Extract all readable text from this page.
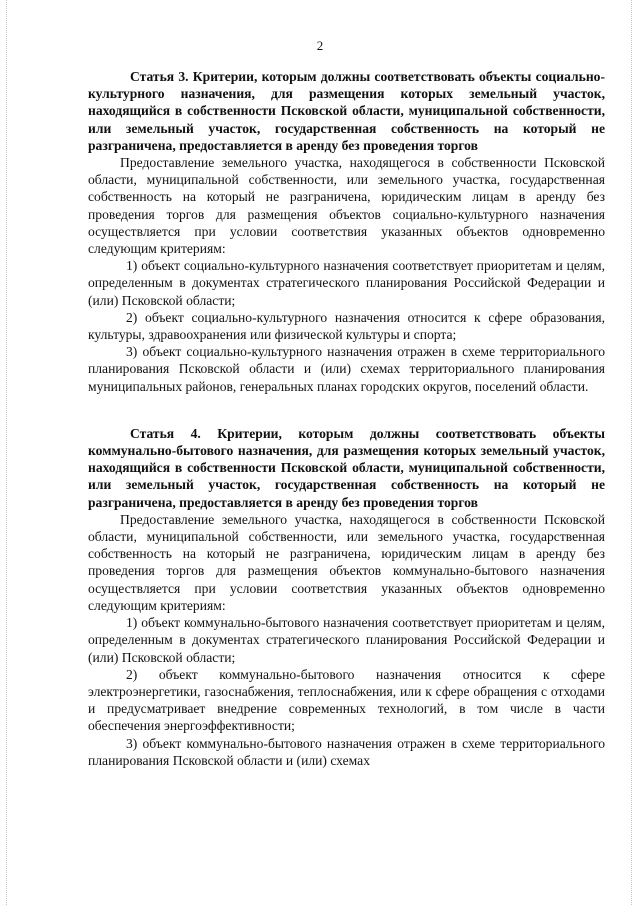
2

Статья 3. Критерии, которым должны соответствовать объекты социально-культурного назначения, для размещения которых земельный участок, находящийся в собственности Псковской области, муниципальной собственности, или земельный участок, государственная собственность на который не разграничена, предоставляется в аренду без проведения торгов

Предоставление земельного участка, находящегося в собственности Псковской области, муниципальной собственности, или земельного участка, государственная собственность на который не разграничена, юридическим лицам в аренду без проведения торгов для размещения объектов социально-культурного назначения осуществляется при условии соответствия указанных объектов одновременно следующим критериям:

1) объект социально-культурного назначения соответствует приоритетам и целям, определенным в документах стратегического планирования Российской Федерации и (или) Псковской области;

2) объект социально-культурного назначения относится к сфере образования, культуры, здравоохранения или физической культуры и спорта;

3) объект социально-культурного назначения отражен в схеме территориального планирования Псковской области и (или) схемах территориального планирования муниципальных районов, генеральных планах городских округов, поселений области.

Статья 4. Критерии, которым должны соответствовать объекты коммунально-бытового назначения, для размещения которых земельный участок, находящийся в собственности Псковской области, муниципальной собственности, или земельный участок, государственная собственность на который не разграничена, предоставляется в аренду без проведения торгов

Предоставление земельного участка, находящегося в собственности Псковской области, муниципальной собственности, или земельного участка, государственная собственность на который не разграничена, юридическим лицам в аренду без проведения торгов для размещения объектов коммунально-бытового назначения осуществляется при условии соответствия указанных объектов одновременно следующим критериям:

1) объект коммунально-бытового назначения соответствует приоритетам и целям, определенным в документах стратегического планирования Российской Федерации и (или) Псковской области;

2) объект коммунально-бытового назначения относится к сфере электроэнергетики, газоснабжения, теплоснабжения, или к сфере обращения с отходами и предусматривает внедрение современных технологий, в том числе в части обеспечения энергоэффективности;

3) объект коммунально-бытового назначения отражен в схеме территориального планирования Псковской области и (или) схемах
